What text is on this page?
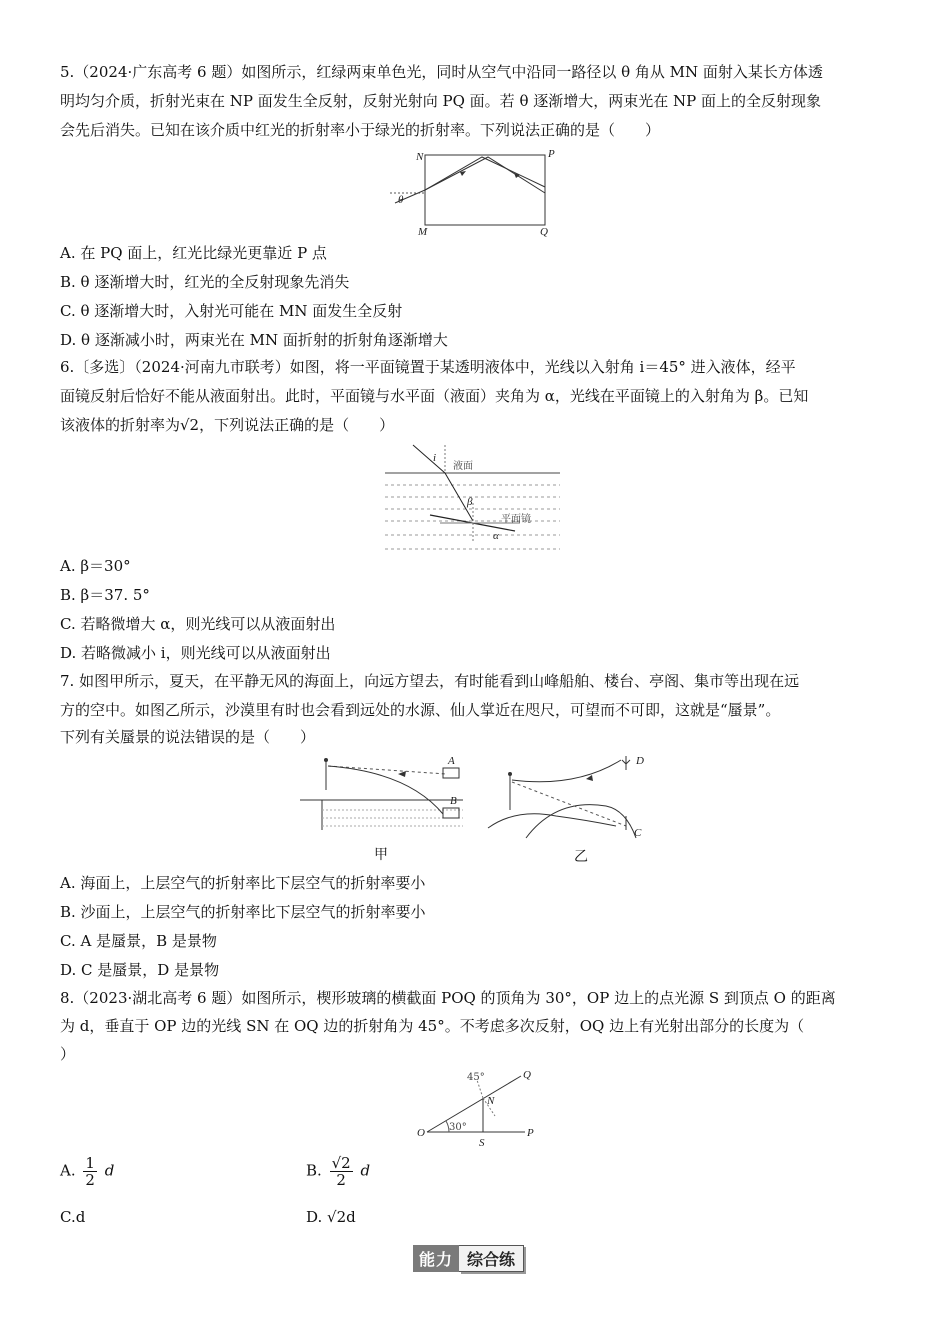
5.（2024·广东高考 6 题）如图所示，红绿两束单色光，同时从空气中沿同一路径以 θ 角从 MN 面射入某长方体透
明均匀介质，折射光束在 NP 面发生全反射，反射光射向 PQ 面。若 θ 逐渐增大，两束光在 NP 面上的全反射现象
会先后消失。已知在该介质中红光的折射率小于绿光的折射率。下列说法正确的是（　　）
N	P
M	Q
θ
A. 在 PQ 面上，红光比绿光更靠近 P 点
B. θ 逐渐增大时，红光的全反射现象先消失
C. θ 逐渐增大时，入射光可能在 MN 面发生全反射
D. θ 逐渐减小时，两束光在 MN 面折射的折射角逐渐增大
6.〔多选〕（2024·河南九市联考）如图，将一平面镜置于某透明液体中，光线以入射角 i＝45° 进入液体，经平
面镜反射后恰好不能从液面射出。此时，平面镜与水平面（液面）夹角为 α，光线在平面镜上的入射角为 β。已知
该液体的折射率为√2，下列说法正确的是（　　）
i
液面
β
平面镜
α
A. β＝30°
B. β＝37. 5°
C. 若略微增大 α，则光线可以从液面射出
D. 若略微减小 i，则光线可以从液面射出
7. 如图甲所示，夏天，在平静无风的海面上，向远方望去，有时能看到山峰船舶、楼台、亭阁、集市等出现在远
方的空中。如图乙所示，沙漠里有时也会看到远处的水源、仙人掌近在咫尺，可望而不可即，这就是“蜃景”。
下列有关蜃景的说法错误的是（　　）
A
B
甲
D
C
乙
A. 海面上，上层空气的折射率比下层空气的折射率要小
B. 沙面上，上层空气的折射率比下层空气的折射率要小
C. A 是蜃景，B 是景物
D. C 是蜃景，D 是景物
8.（2023·湖北高考 6 题）如图所示，楔形玻璃的横截面 POQ 的顶角为 30°，OP 边上的点光源 S 到顶点 O 的距离
为 d，垂直于 OP 边的光线 SN 在 OQ 边的折射角为 45°。不考虑多次反射，OQ 边上有光射出部分的长度为（
）
O	P
Q
S
N
30°
45°
A. $\frac{1}{2}$ d	B. $\frac{√2}{2}$ d
C.d	D. √2d
能力 综合练
